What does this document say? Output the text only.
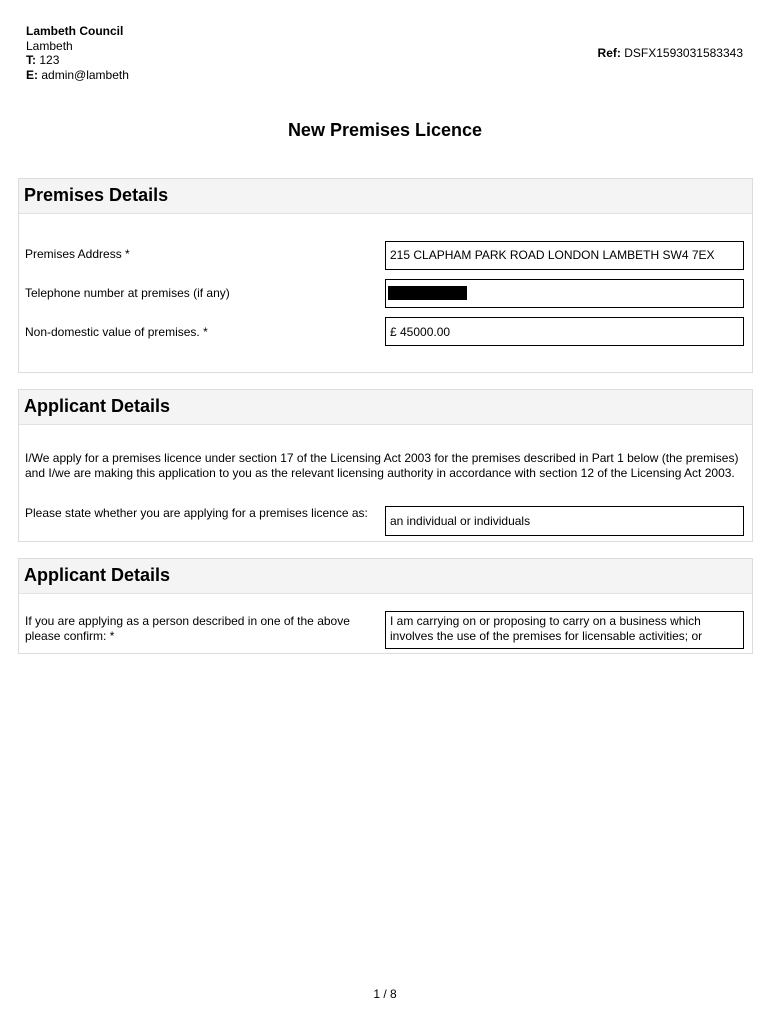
Lambeth Council
Lambeth
T: 123
E: admin@lambeth
Ref: DSFX1593031583343
New Premises Licence
Premises Details
Premises Address *	215 CLAPHAM PARK ROAD LONDON LAMBETH SW4 7EX
Telephone number at premises (if any)
Non-domestic value of premises. *	£ 45000.00
Applicant Details
I/We apply for a premises licence under section 17 of the Licensing Act 2003 for the premises described in Part 1 below (the premises) and I/we are making this application to you as the relevant licensing authority in accordance with section 12 of the Licensing Act 2003.
Please state whether you are applying for a premises licence as:
an individual or individuals
Applicant Details
If you are applying as a person described in one of the above please confirm: *
I am carrying on or proposing to carry on a business which involves the use of the premises for licensable activities; or
1 / 8
